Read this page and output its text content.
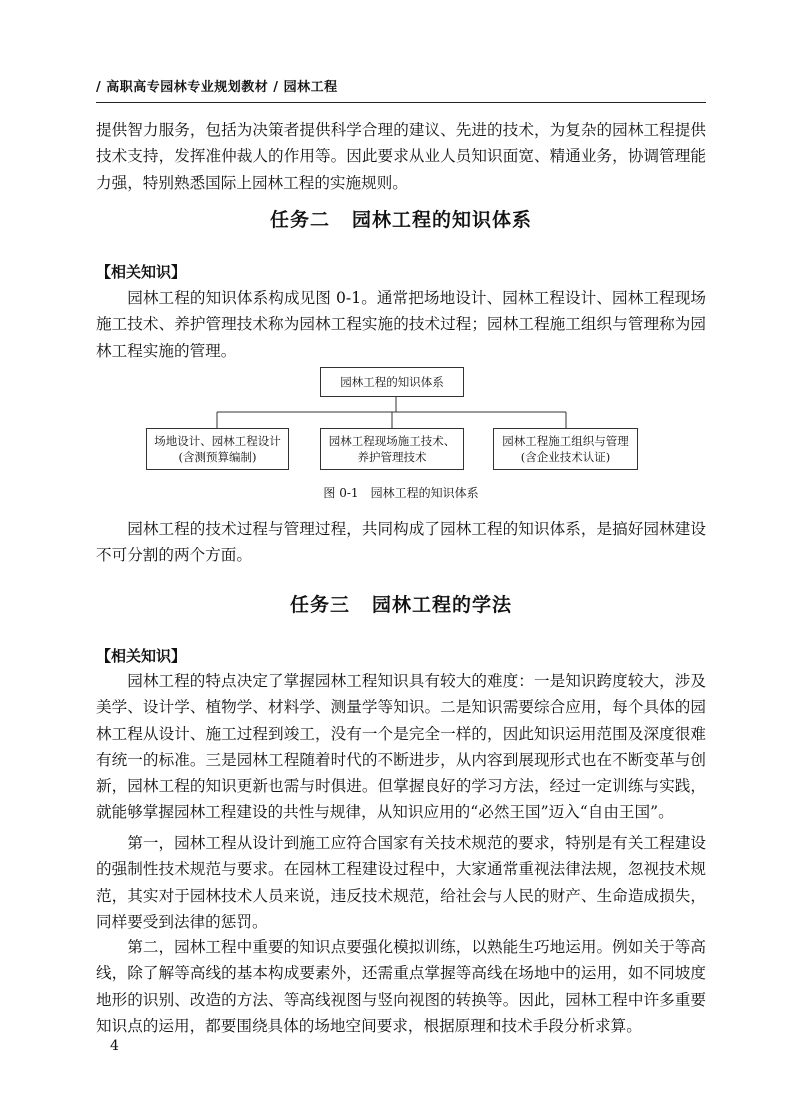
/ 高职高专园林专业规划教材 / 园林工程

提供智力服务，包括为决策者提供科学合理的建议、先进的技术，为复杂的园林工程提供技术支持，发挥准仲裁人的作用等。因此要求从业人员知识面宽、精通业务，协调管理能力强，特别熟悉国际上园林工程的实施规则。

任务二 园林工程的知识体系
【相关知识】

园林工程的知识体系构成见图 0-1。通常把场地设计、园林工程设计、园林工程现场施工技术、养护管理技术称为园林工程实施的技术过程；园林工程施工组织与管理称为园林工程实施的管理。

园林工程的知识体系
场地设计、园林工程设计
(含测预算编制)
园林工程现场施工技术、
养护管理技术
园林工程施工组织与管理
(含企业技术认证)
图 0-1 园林工程的知识体系

园林工程的技术过程与管理过程，共同构成了园林工程的知识体系，是搞好园林建设不可分割的两个方面。

任务三 园林工程的学法
【相关知识】

园林工程的特点决定了掌握园林工程知识具有较大的难度：一是知识跨度较大，涉及美学、设计学、植物学、材料学、测量学等知识。二是知识需要综合应用，每个具体的园林工程从设计、施工过程到竣工，没有一个是完全一样的，因此知识运用范围及深度很难有统一的标准。三是园林工程随着时代的不断进步，从内容到展现形式也在不断变革与创新，园林工程的知识更新也需与时俱进。但掌握良好的学习方法，经过一定训练与实践，就能够掌握园林工程建设的共性与规律，从知识应用的“必然王国”迈入“自由王国”。

第一，园林工程从设计到施工应符合国家有关技术规范的要求，特别是有关工程建设的强制性技术规范与要求。在园林工程建设过程中，大家通常重视法律法规，忽视技术规范，其实对于园林技术人员来说，违反技术规范，给社会与人民的财产、生命造成损失，同样要受到法律的惩罚。

第二，园林工程中重要的知识点要强化模拟训练，以熟能生巧地运用。例如关于等高线，除了解等高线的基本构成要素外，还需重点掌握等高线在场地中的运用，如不同坡度地形的识别、改造的方法、等高线视图与竖向视图的转换等。因此，园林工程中许多重要知识点的运用，都要围绕具体的场地空间要求，根据原理和技术手段分析求算。

4
